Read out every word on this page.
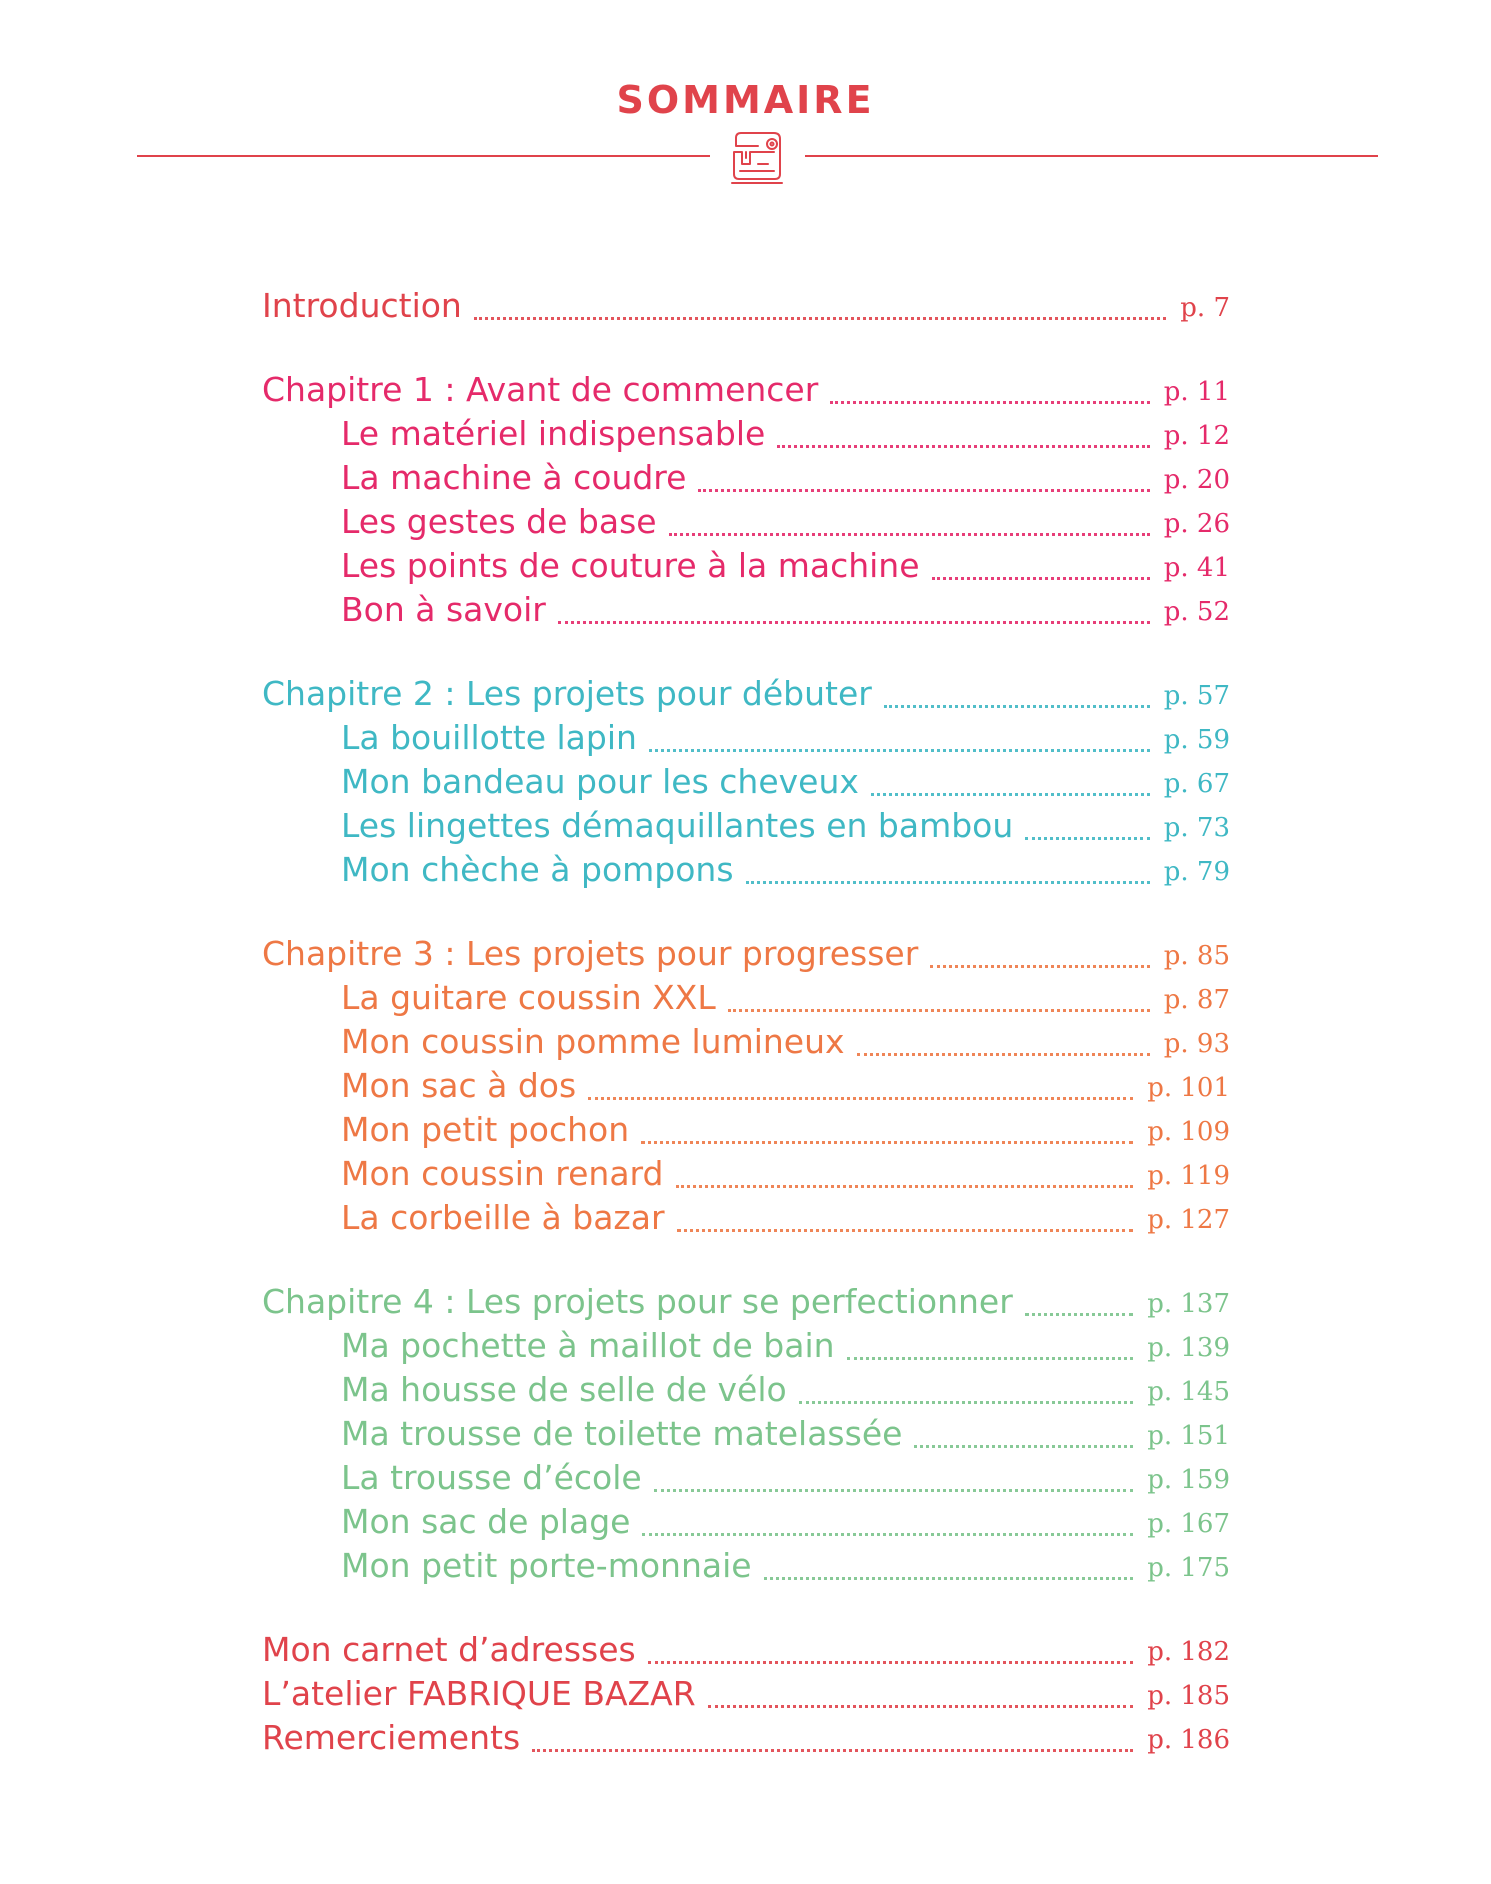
SOMMAIRE
Introduction	p. 7
Chapitre 1 : Avant de commencer	p. 11
Le matériel indispensable	p. 12
La machine à coudre	p. 20
Les gestes de base	p. 26
Les points de couture à la machine	p. 41
Bon à savoir	p. 52
Chapitre 2 : Les projets pour débuter	p. 57
La bouillotte lapin	p. 59
Mon bandeau pour les cheveux	p. 67
Les lingettes démaquillantes en bambou	p. 73
Mon chèche à pompons	p. 79
Chapitre 3 : Les projets pour progresser	p. 85
La guitare coussin XXL	p. 87
Mon coussin pomme lumineux	p. 93
Mon sac à dos	p. 101
Mon petit pochon	p. 109
Mon coussin renard	p. 119
La corbeille à bazar	p. 127
Chapitre 4 : Les projets pour se perfectionner	p. 137
Ma pochette à maillot de bain	p. 139
Ma housse de selle de vélo	p. 145
Ma trousse de toilette matelassée	p. 151
La trousse d’école	p. 159
Mon sac de plage	p. 167
Mon petit porte-monnaie	p. 175
Mon carnet d’adresses	p. 182
L’atelier FABRIQUE BAZAR	p. 185
Remerciements	p. 186
